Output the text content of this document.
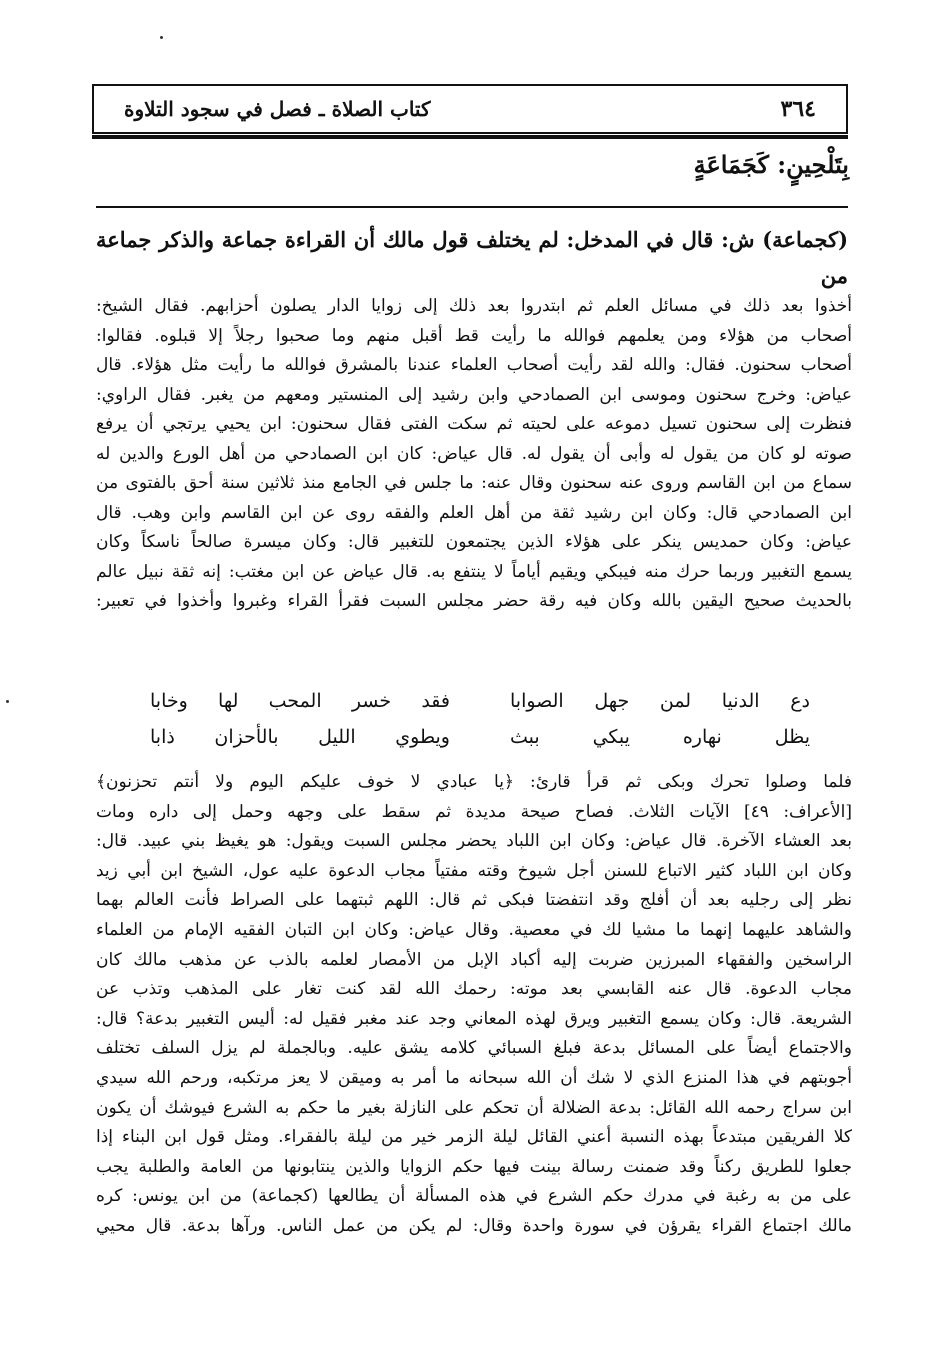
٣٦٤
كتاب الصلاة ـ فصل في سجود التلاوة
بِتَلْحِينٍ: كَجَمَاعَةٍ
(كجماعة) ش: قال في المدخل: لم يختلف قول مالك أن القراءة جماعة والذكر جماعة من
أخذوا بعد ذلك في مسائل العلم ثم ابتدروا بعد ذلك إلى زوايا الدار يصلون أحزابهم. فقال الشيخ:
أصحاب من هؤلاء ومن يعلمهم فوالله ما رأيت قط أقبل منهم وما صحبوا رجلاً إلا قبلوه. فقالوا:
أصحاب سحنون. فقال: والله لقد رأيت أصحاب العلماء عندنا بالمشرق فوالله ما رأيت مثل هؤلاء. قال
عياض: وخرج سحنون وموسى ابن الصمادحي وابن رشيد إلى المنستير ومعهم من يغبر. فقال الراوي:
فنظرت إلى سحنون تسيل دموعه على لحيته ثم سكت الفتى فقال سحنون: ابن يحيي يرتجي أن يرفع
صوته لو كان من يقول له وأبى أن يقول له. قال عياض: كان ابن الصمادحي من أهل الورع والدين له
سماع من ابن القاسم وروى عنه سحنون وقال عنه: ما جلس في الجامع منذ ثلاثين سنة أحق بالفتوى من
ابن الصمادحي قال: وكان ابن رشيد ثقة من أهل العلم والفقه روى عن ابن القاسم وابن وهب. قال
عياض: وكان حمديس ينكر على هؤلاء الذين يجتمعون للتغبير قال: وكان ميسرة صالحاً ناسكاً وكان
يسمع التغبير وربما حرك منه فيبكي ويقيم أياماً لا ينتفع به. قال عياض عن ابن مغتب: إنه ثقة نبيل عالم
بالحديث صحيح اليقين بالله وكان فيه رقة حضر مجلس السبت فقرأ القراء وغبروا وأخذوا في تعبير:
دع الدنيا لمن جهل الصوابا
فقد خسر المحب لها وخابا
يظل نهاره يبكي ببث
ويطوي الليل بالأحزان ذابا
فلما وصلوا تحرك وبكى ثم قرأ قارئ: ﴿يا عبادي لا خوف عليكم اليوم ولا أنتم تحزنون﴾
[الأعراف: ٤٩] الآيات الثلاث. فصاح صيحة مديدة ثم سقط على وجهه وحمل إلى داره ومات
بعد العشاء الآخرة. قال عياض: وكان ابن اللباد يحضر مجلس السبت ويقول: هو يغيظ بني عبيد. قال:
وكان ابن اللباد كثير الاتباع للسنن أجل شيوخ وقته مفتياً مجاب الدعوة عليه عول، الشيخ ابن أبي زيد
نظر إلى رجليه بعد أن أفلج وقد انتفضتا فبكى ثم قال: اللهم ثبتهما على الصراط فأنت العالم بهما
والشاهد عليهما إنهما ما مشيا لك في معصية. وقال عياض: وكان ابن التبان الفقيه الإمام من العلماء
الراسخين والفقهاء المبرزين ضربت إليه أكباد الإبل من الأمصار لعلمه بالذب عن مذهب مالك كان
مجاب الدعوة. قال عنه القابسي بعد موته: رحمك الله لقد كنت تغار على المذهب وتذب عن
الشريعة. قال: وكان يسمع التغبير ويرق لهذه المعاني وجد عند مغبر فقيل له: أليس التغبير بدعة؟ قال:
والاجتماع أيضاً على المسائل بدعة فبلغ السبائي كلامه يشق عليه. وبالجملة لم يزل السلف تختلف
أجوبتهم في هذا المنزع الذي لا شك أن الله سبحانه ما أمر به وميقن لا يعز مرتكبه، ورحم الله سيدي
ابن سراج رحمه الله القائل: بدعة الضلالة أن تحكم على النازلة بغير ما حكم به الشرع فيوشك أن يكون
كلا الفريقين مبتدعاً بهذه النسبة أعني القائل ليلة الزمر خير من ليلة بالفقراء. ومثل قول ابن البناء إذا
جعلوا للطريق ركناً وقد ضمنت رسالة بينت فيها حكم الزوايا والذين ينتابونها من العامة والطلبة يجب
على من به رغبة في مدرك حكم الشرع في هذه المسألة أن يطالعها (كجماعة) من ابن يونس: كره
مالك اجتماع القراء يقرؤن في سورة واحدة وقال: لم يكن من عمل الناس. ورآها بدعة. قال محيي
